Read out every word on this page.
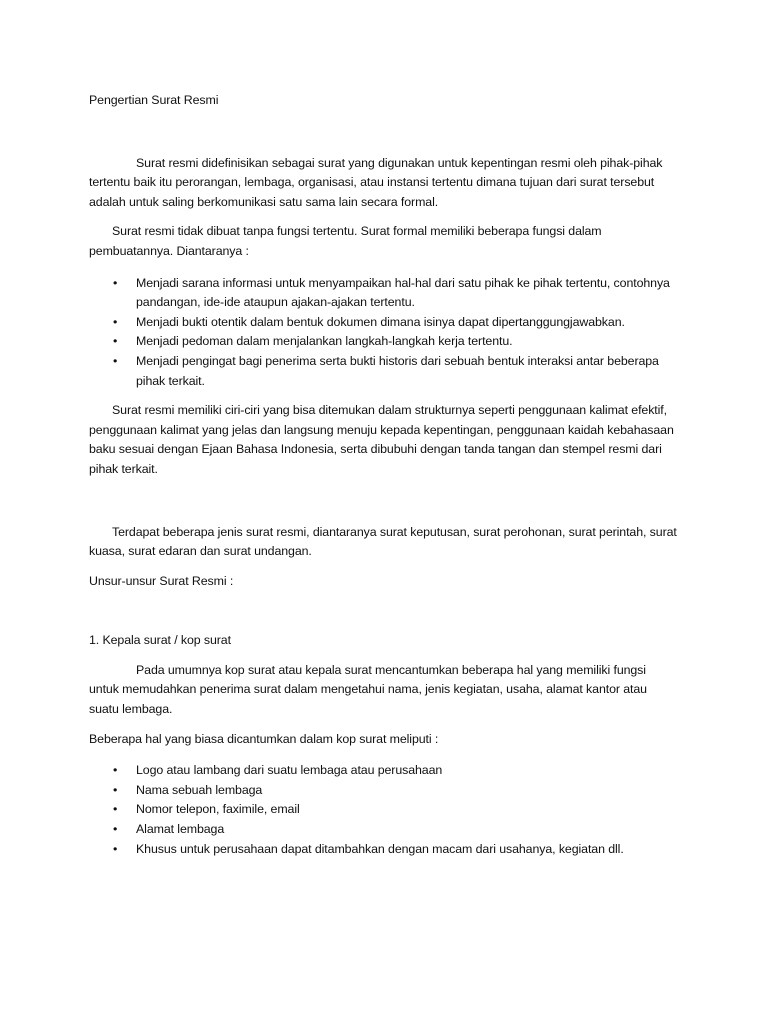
Pengertian Surat Resmi

Surat resmi didefinisikan sebagai surat yang digunakan untuk kepentingan resmi oleh pihak-pihak tertentu baik itu perorangan, lembaga, organisasi, atau instansi tertentu dimana tujuan dari surat tersebut adalah untuk saling berkomunikasi satu sama lain secara formal.

Surat resmi tidak dibuat tanpa fungsi tertentu. Surat formal memiliki beberapa fungsi dalam pembuatannya. Diantaranya :

•	Menjadi sarana informasi untuk menyampaikan hal-hal dari satu pihak ke pihak tertentu, contohnya pandangan, ide-ide ataupun ajakan-ajakan tertentu.
•	Menjadi bukti otentik dalam bentuk dokumen dimana isinya dapat dipertanggungjawabkan.
•	Menjadi pedoman dalam menjalankan langkah-langkah kerja tertentu.
•	Menjadi pengingat bagi penerima serta bukti historis dari sebuah bentuk interaksi antar beberapa pihak terkait.

Surat resmi memiliki ciri-ciri yang bisa ditemukan dalam strukturnya seperti penggunaan kalimat efektif, penggunaan kalimat yang jelas dan langsung menuju kepada kepentingan, penggunaan kaidah kebahasaan baku sesuai dengan Ejaan Bahasa Indonesia, serta dibubuhi dengan tanda tangan dan stempel resmi dari pihak terkait.

Terdapat beberapa jenis surat resmi, diantaranya surat keputusan, surat perohonan, surat perintah, surat kuasa, surat edaran dan surat undangan.

Unsur-unsur Surat Resmi :

1. Kepala surat / kop surat

Pada umumnya kop surat atau kepala surat mencantumkan beberapa hal yang memiliki fungsi untuk memudahkan penerima surat dalam mengetahui nama, jenis kegiatan, usaha, alamat kantor atau suatu lembaga.

Beberapa hal yang biasa dicantumkan dalam kop surat meliputi :

•	Logo atau lambang dari suatu lembaga atau perusahaan
•	Nama sebuah lembaga
•	Nomor telepon, faximile, email
•	Alamat lembaga
•	Khusus untuk perusahaan dapat ditambahkan dengan macam dari usahanya, kegiatan dll.
